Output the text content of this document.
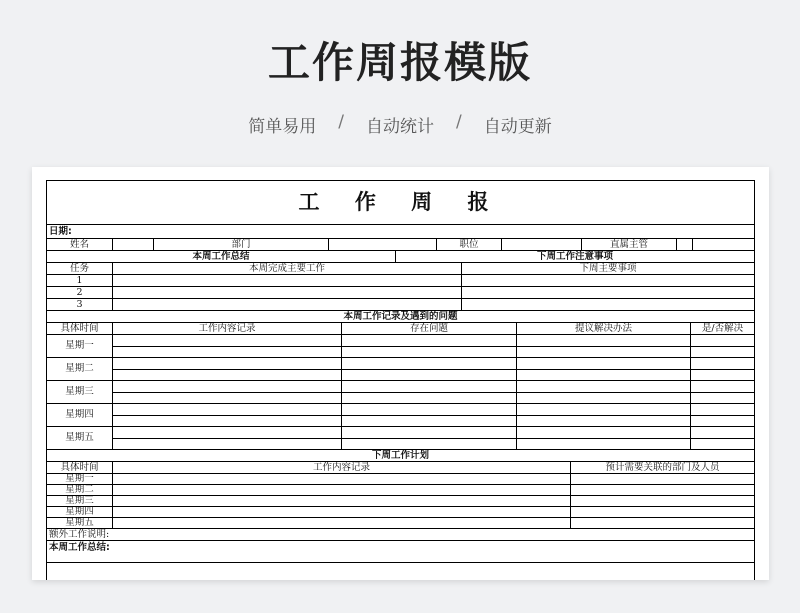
工作周报模版
简单易用 / 自动统计 / 自动更新
工 作 周 报
日期:
姓名	部门	职位	直属主管
本周工作总结	下周工作注意事项
任务	本周完成主要工作	下周主要事项
1
2
3
本周工作记录及遇到的问题
具体时间	工作内容记录	存在问题	提议解决办法	是/否解决
星期一
星期二
星期三
星期四
星期五
下周工作计划
具体时间	工作内容记录	预计需要关联的部门及人员
星期一
星期二
星期三
星期四
星期五
额外工作说明:
本周工作总结:
